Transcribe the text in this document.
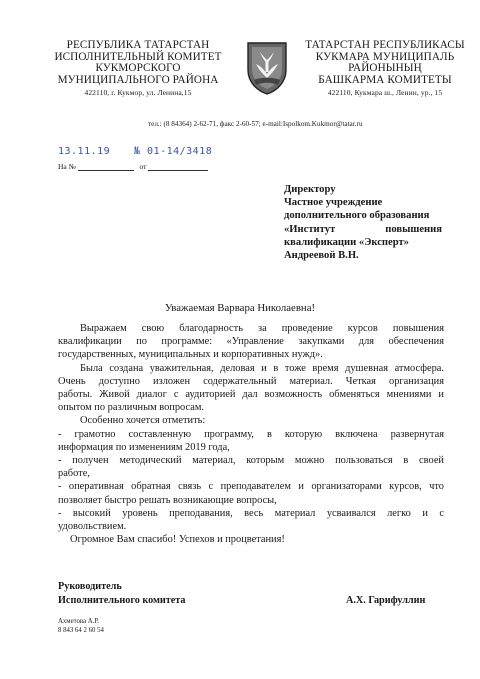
РЕСПУБЛИКА ТАТАРСТАН
ИСПОЛНИТЕЛЬНЫЙ КОМИТЕТ
КУКМОРСКОГО
МУНИЦИПАЛЬНОГО РАЙОНА
422110, г. Кукмор, ул. Ленина,15
ТАТАРСТАН РЕСПУБЛИКАСЫ
КУКМАРА МУНИЦИПАЛЬ
РАЙОНЫНЫҢ
БАШКАРМА КОМИТЕТЫ
422110, Кукмара ш., Ленин, ур., 15
тел.: (8 84364) 2-62-71, факс 2-60-57; e-mail:Ispolkom.Kukmor@tatar.ru
13.11.19 № 01-14/3418
На №	от
Директору
Частное учреждение
дополнительного образования
«Институт повышения
квалификации «Эксперт»
Андреевой В.Н.
Уважаемая Варвара Николаевна!
Выражаем свою благодарность за проведение курсов повышения
квалификации по программе: «Управление закупками для обеспечения
государственных, муниципальных и корпоративных нужд».
Была создана уважительная, деловая и в тоже время душевная атмосфера.
Очень доступно изложен содержательный материал. Четкая организация
работы. Живой диалог с аудиторией дал возможность обменяться мнениями и
опытом по различным вопросам.
Особенно хочется отметить:
- грамотно составленную программу, в которую включена развернутая
информация по изменениям 2019 года,
- получен методический материал, которым можно пользоваться в своей
работе,
- оперативная обратная связь с преподавателем и организаторами курсов, что
позволяет быстро решать возникающие вопросы,
- высокий уровень преподавания, весь материал усваивался легко и с
удовольствием.
Огромное Вам спасибо! Успехов и процветания!
Руководитель
Исполнительного комитета	А.Х. Гарифуллин
Ахметова А.Р.
8 843 64 2 60 54
